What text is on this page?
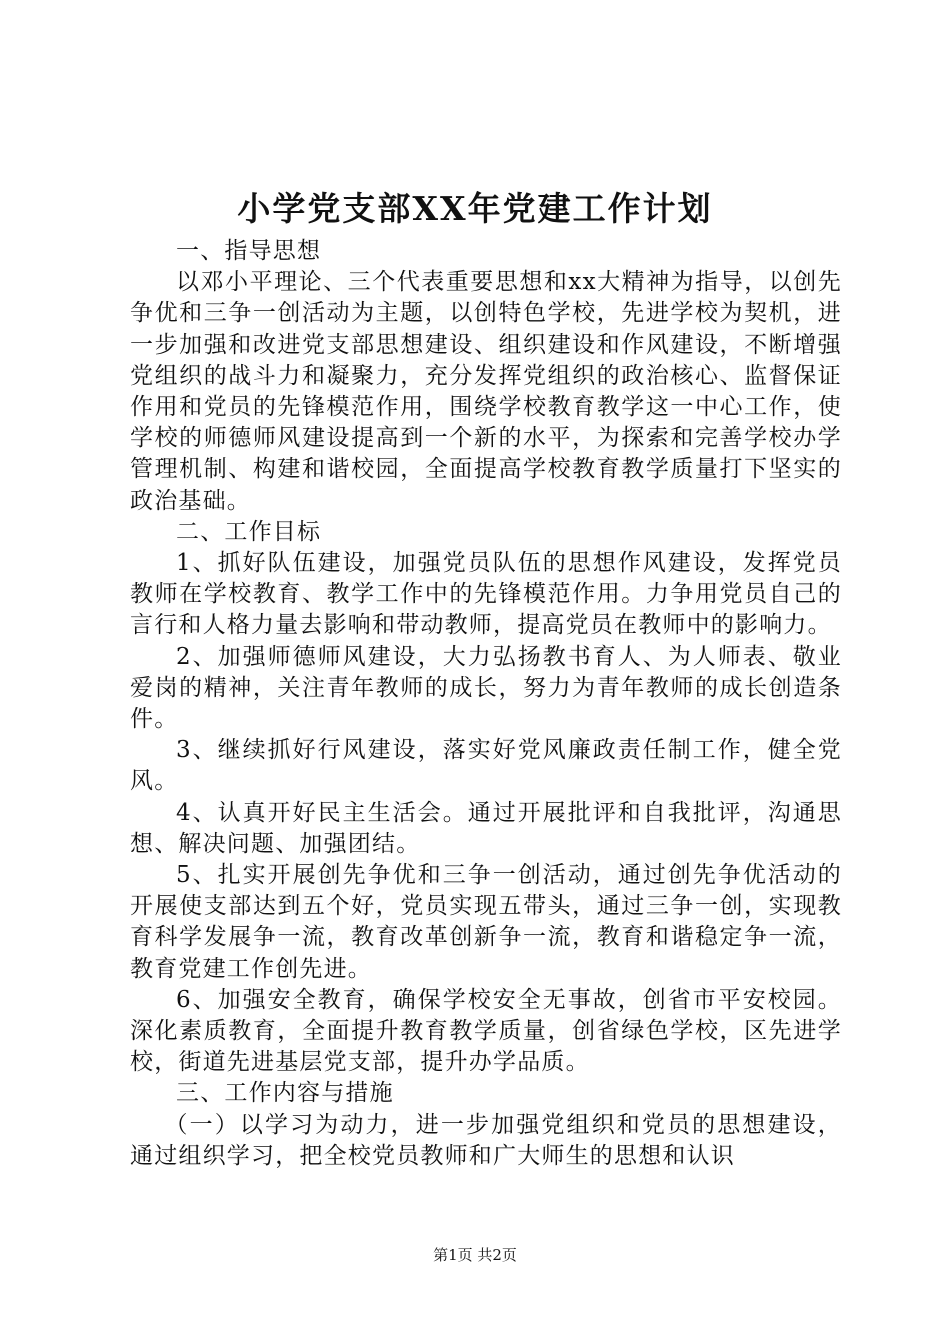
小学党支部XX年党建工作计划

一、指导思想

以邓小平理论、三个代表重要思想和xx大精神为指导，以创先争优和三争一创活动为主题，以创特色学校，先进学校为契机，进一步加强和改进党支部思想建设、组织建设和作风建设，不断增强党组织的战斗力和凝聚力，充分发挥党组织的政治核心、监督保证作用和党员的先锋模范作用，围绕学校教育教学这一中心工作，使学校的师德师风建设提高到一个新的水平，为探索和完善学校办学管理机制、构建和谐校园，全面提高学校教育教学质量打下坚实的政治基础。

二、工作目标

1、抓好队伍建设，加强党员队伍的思想作风建设，发挥党员教师在学校教育、教学工作中的先锋模范作用。力争用党员自己的言行和人格力量去影响和带动教师，提高党员在教师中的影响力。

2、加强师德师风建设，大力弘扬教书育人、为人师表、敬业爱岗的精神，关注青年教师的成长，努力为青年教师的成长创造条件。

3、继续抓好行风建设，落实好党风廉政责任制工作，健全党风。

4、认真开好民主生活会。通过开展批评和自我批评，沟通思想、解决问题、加强团结。

5、扎实开展创先争优和三争一创活动，通过创先争优活动的开展使支部达到五个好，党员实现五带头，通过三争一创，实现教育科学发展争一流，教育改革创新争一流，教育和谐稳定争一流，教育党建工作创先进。

6、加强安全教育，确保学校安全无事故，创省市平安校园。深化素质教育，全面提升教育教学质量，创省绿色学校，区先进学校，街道先进基层党支部，提升办学品质。

三、工作内容与措施

（一）以学习为动力，进一步加强党组织和党员的思想建设，通过组织学习，把全校党员教师和广大师生的思想和认识

第1页 共2页
